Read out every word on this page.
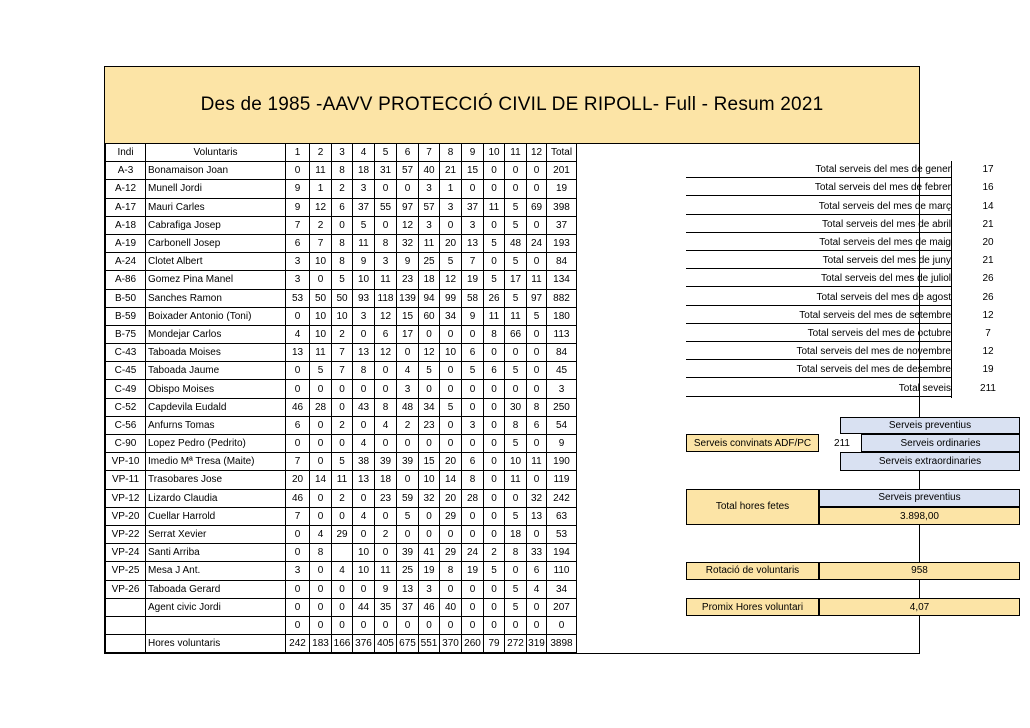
Des de 1985 -AAVV PROTECCIÓ CIVIL DE RIPOLL- Full - Resum 2021
Indi	Voluntaris	1	2	3	4	5	6	7	8	9	10	11	12	Total
A-3	Bonamaison Joan	0	11	8	18	31	57	40	21	15	0	0	0	201
A-12	Munell Jordi	9	1	2	3	0	0	3	1	0	0	0	0	19
A-17	Mauri Carles	9	12	6	37	55	97	57	3	37	11	5	69	398
A-18	Cabrafiga Josep	7	2	0	5	0	12	3	0	3	0	5	0	37
A-19	Carbonell Josep	6	7	8	11	8	32	11	20	13	5	48	24	193
A-24	Clotet Albert	3	10	8	9	3	9	25	5	7	0	5	0	84
A-86	Gomez Pina Manel	3	0	5	10	11	23	18	12	19	5	17	11	134
B-50	Sanches Ramon	53	50	50	93	118	139	94	99	58	26	5	97	882
B-59	Boixader Antonio (Toni)	0	10	10	3	12	15	60	34	9	11	11	5	180
B-75	Mondejar Carlos	4	10	2	0	6	17	0	0	0	8	66	0	113
C-43	Taboada Moises	13	11	7	13	12	0	12	10	6	0	0	0	84
C-45	Taboada Jaume	0	5	7	8	0	4	5	0	5	6	5	0	45
C-49	Obispo Moises	0	0	0	0	0	3	0	0	0	0	0	0	3
C-52	Capdevila Eudald	46	28	0	43	8	48	34	5	0	0	30	8	250
C-56	Anfurns Tomas	6	0	2	0	4	2	23	0	3	0	8	6	54
C-90	Lopez Pedro (Pedrito)	0	0	0	4	0	0	0	0	0	0	5	0	9
VP-10	Imedio Mª Tresa (Maite)	7	0	5	38	39	39	15	20	6	0	10	11	190
VP-11	Trasobares Jose	20	14	11	13	18	0	10	14	8	0	11	0	119
VP-12	Lizardo Claudia	46	0	2	0	23	59	32	20	28	0	0	32	242
VP-20	Cuellar Harrold	7	0	0	4	0	5	0	29	0	0	5	13	63
VP-22	Serrat Xevier	0	4	29	0	2	0	0	0	0	0	18	0	53
VP-24	Santi Arriba	0	8		10	0	39	41	29	24	2	8	33	194
VP-25	Mesa J Ant.	3	0	4	10	11	25	19	8	19	5	0	6	110
VP-26	Taboada Gerard	0	0	0	0	9	13	3	0	0	0	5	4	34
	Agent civic Jordi	0	0	0	44	35	37	46	40	0	0	5	0	207
		0	0	0	0	0	0	0	0	0	0	0	0	0
	Hores voluntaris	242	183	166	376	405	675	551	370	260	79	272	319	3898
Total serveis del mes de gener	17
Total serveis del mes de febrer	16
Total serveis del mes de març	14
Total serveis del mes de abril	21
Total serveis del mes de maig	20
Total serveis del mes de juny	21
Total serveis del mes de juliol	26
Total serveis del mes de agost	26
Total serveis del mes de setembre	12
Total serveis del mes de octubre	7
Total serveis del mes de novembre	12
Total serveis del mes de desembre	19
Total seveis	211
Serveis preventius
Serveis convinats ADF/PC	211	Serveis ordinaries
Serveis extraordinaries
Total hores fetes
Serveis preventius
3.898,00
Rotació de voluntaris	958
Promix Hores voluntari	4,07
